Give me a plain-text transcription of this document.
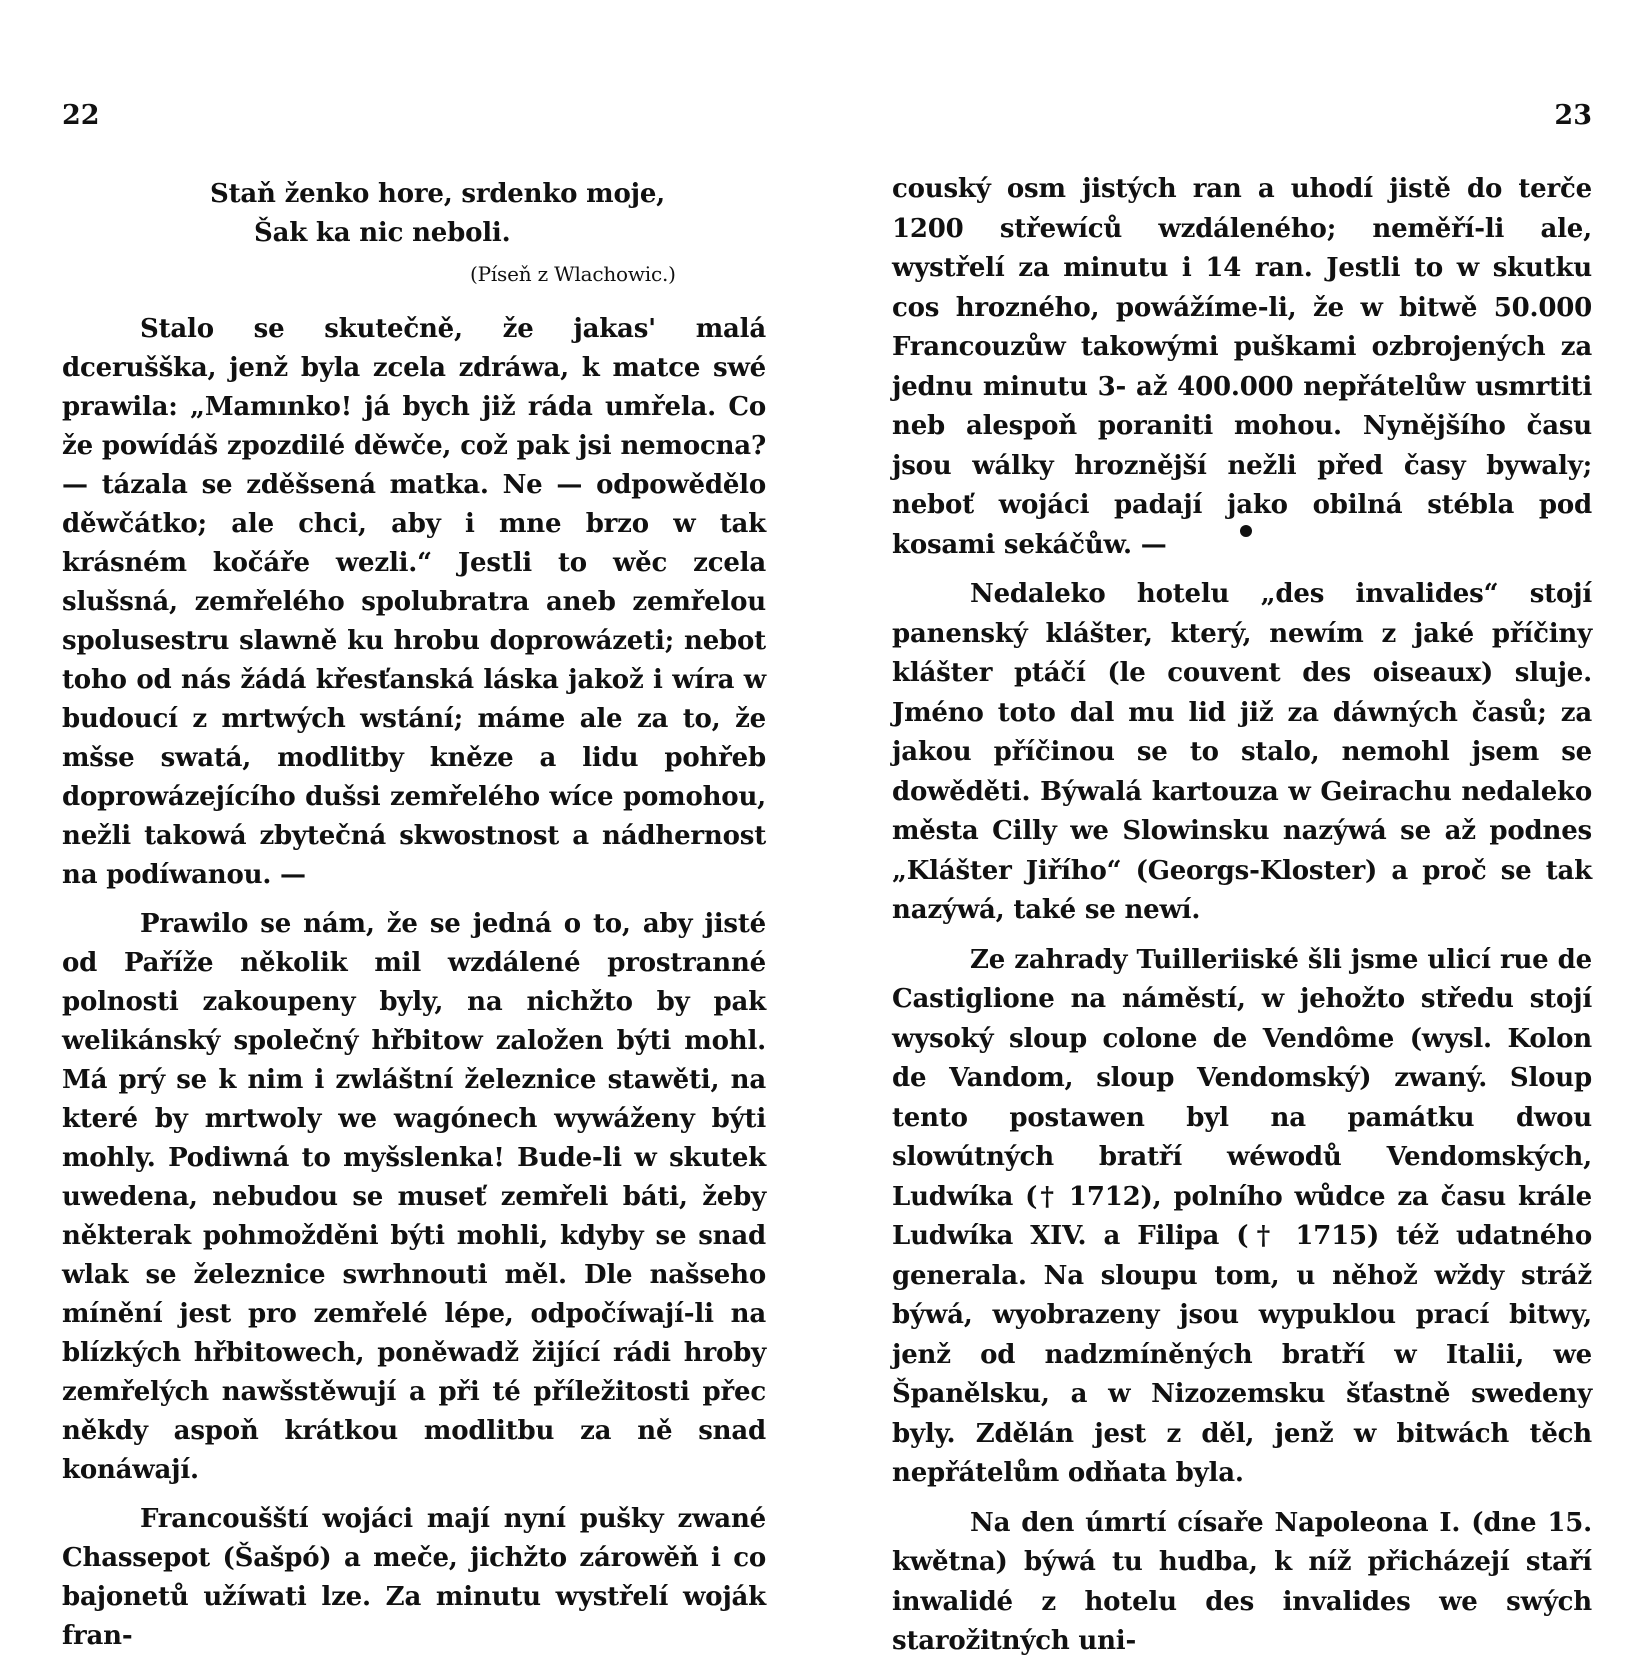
22
Staň ženko hore, srdenko moje,
Šak ka nic neboli.
(Píseň z Wlachowic.)

Stalo se skutečně, že jakas' malá dcerušška, jenž byla zcela zdráwa, k matce swé prawila: „Mamınko! já bych již ráda umřela. Co že powídáš zpozdilé děwče, což pak jsi nemocna? — tázala se zděšsená matka. Ne — odpowědělo děwčátko; ale chci, aby i mne brzo w tak krásném kočáře wezli.“ Jestli to wěc zcela slušsná, zemřelého spolubratra aneb zemřelou spolusestru slawně ku hrobu doprowázeti; nebot toho od nás žádá křesťanská láska jakož i wíra w budoucí z mrtwých wstání; máme ale za to, že mšse swatá, modlitby kněze a lidu pohřeb doprowázejícího dušsi zemřelého wíce pomohou, nežli takowá zbytečná skwostnost a nádhernost na podíwanou. —

Prawilo se nám, že se jedná o to, aby jisté od Paříže několik mil wzdálené prostranné polnosti zakoupeny byly, na nichžto by pak welikánský společný hřbitow založen býti mohl. Má prý se k nim i zwláštní železnice stawěti, na které by mrtwoly we wagónech wywáženy býti mohly. Podiwná to myšslenka! Bude-li w skutek uwedena, nebudou se museť zemřeli báti, žeby některak pohmožděni býti mohli, kdyby se snad wlak se železnice swrhnouti měl. Dle našseho mínění jest pro zemřelé lépe, odpočíwají-li na blízkých hřbitowech, poněwadž žijící rádi hroby zemřelých nawšstěwují a při té příležitosti přec někdy aspoň krátkou modlitbu za ně snad konáwají.

Francoušští wojáci mají nyní pušky zwané Chassepot (Šašpó) a meče, jichžto zárowěň i co bajonetů užíwati lze. Za minutu wystřelí woják fran-

23

couský osm jistých ran a uhodí jistě do terče 1200 střewíců wzdáleného; neměří-li ale, wystřelí za minutu i 14 ran. Jestli to w skutku cos hrozného, powážíme-li, že w bitwě 50.000 Francouzůw takowými puškami ozbrojených za jednu minutu 3- až 400.000 nepřátelůw usmrtiti neb alespoň poraniti mohou. Nynějšího času jsou wálky hroznější nežli před časy bywaly; neboť wojáci padají jako obilná stébla pod kosami sekáčůw. —

Nedaleko hotelu „des invalides“ stojí panenský klášter, který, newím z jaké příčiny klášter ptáčí (le couvent des oiseaux) sluje. Jméno toto dal mu lid již za dáwných časů; za jakou příčinou se to stalo, nemohl jsem se dowěděti. Býwalá kartouza w Geirachu nedaleko města Cilly we Slowinsku nazýwá se až podnes „Klášter Jiřího“ (Georgs-Kloster) a proč se tak nazýwá, také se newí.

Ze zahrady Tuilleriiské šli jsme ulicí rue de Castiglione na náměstí, w jehožto středu stojí wysoký sloup colone de Vendôme (wysl. Kolon de Vandom, sloup Vendomský) zwaný. Sloup tento postawen byl na památku dwou slowútných bratří wéwodů Vendomských, Ludwíka († 1712), polního wůdce za času krále Ludwíka XIV. a Filipa († 1715) též udatného generala. Na sloupu tom, u něhož wždy stráž býwá, wyobrazeny jsou wypuklou prací bitwy, jenž od nadzmíněných bratří w Italii, we Španělsku, a w Nizozemsku šťastně swedeny byly. Zdělán jest z děl, jenž w bitwách těch nepřátelům odňata byla.

Na den úmrtí císaře Napoleona I. (dne 15. kwětna) býwá tu hudba, k níž přicházejí staří inwalidé z hotelu des invalides we swých starožitných uni-
